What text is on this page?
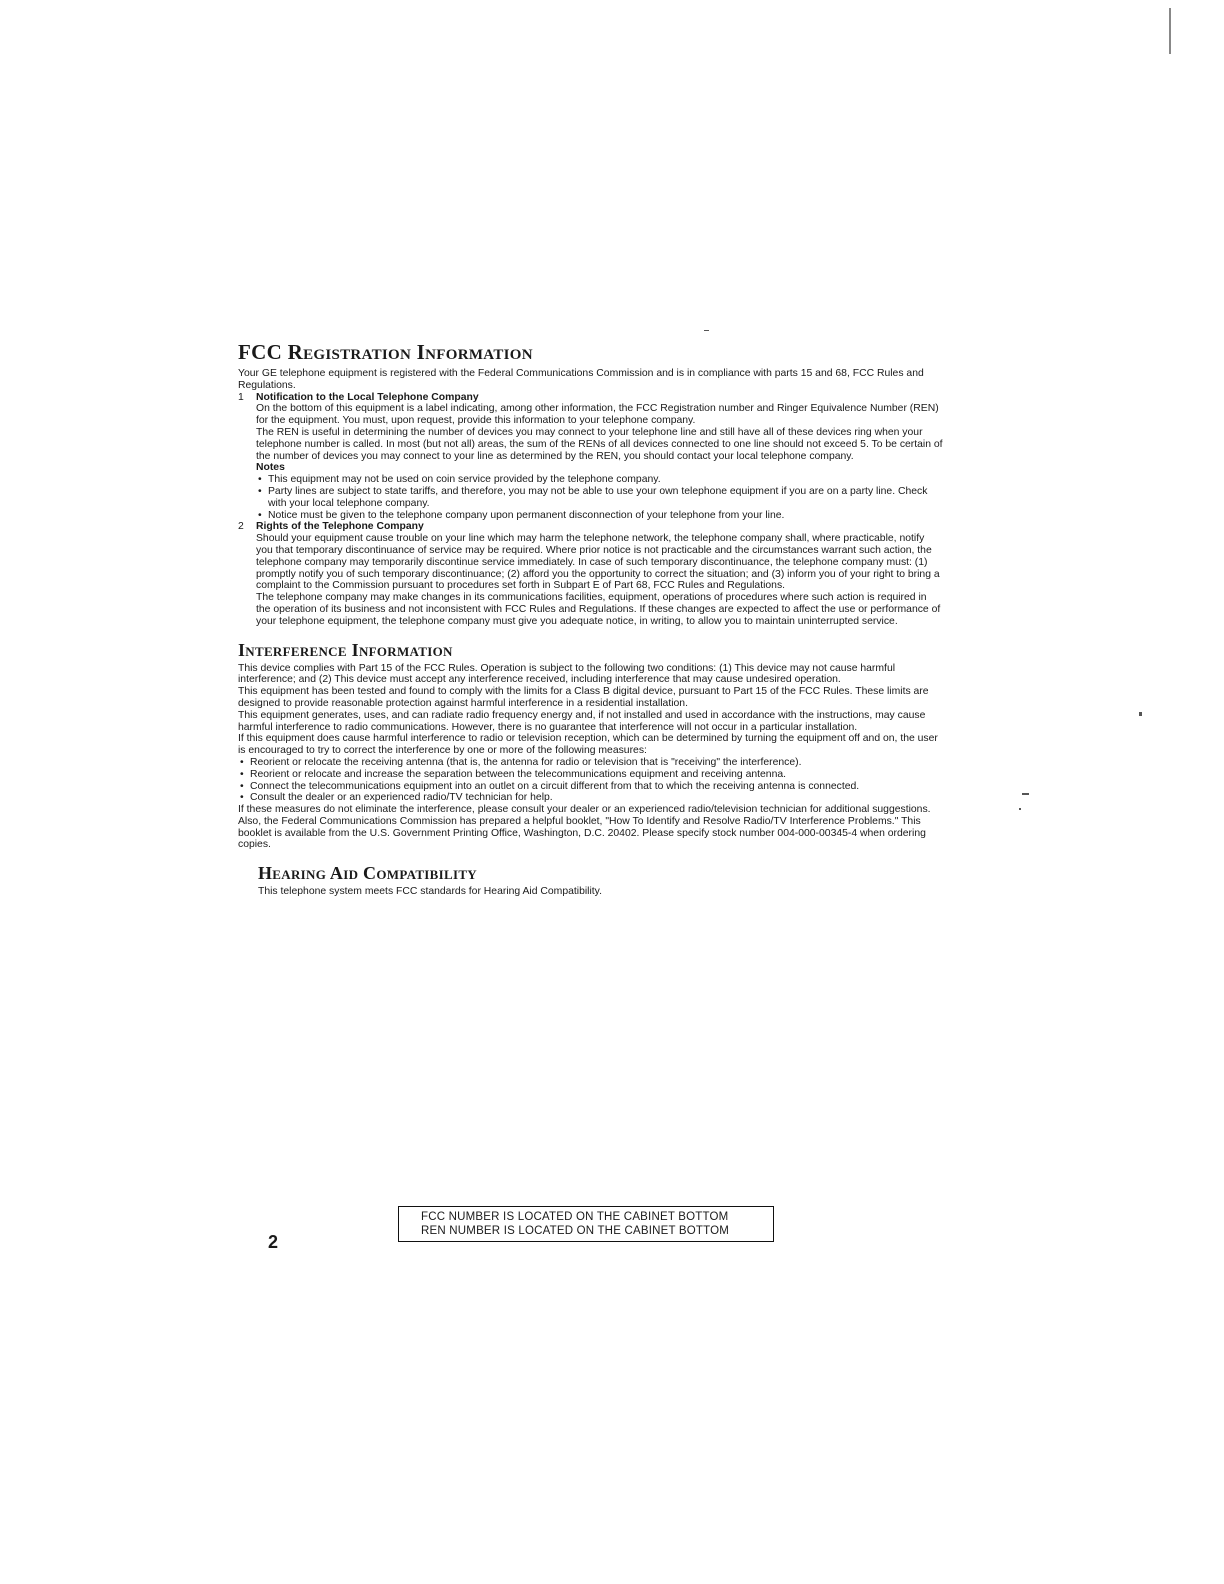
FCC Registration Information

Your GE telephone equipment is registered with the Federal Communications Commission and is in compliance with parts 15 and 68, FCC Rules and Regulations.

1	Notification to the Local Telephone Company

On the bottom of this equipment is a label indicating, among other information, the FCC Registration number and Ringer Equivalence Number (REN) for the equipment. You must, upon request, provide this information to your telephone company.

The REN is useful in determining the number of devices you may connect to your telephone line and still have all of these devices ring when your telephone number is called. In most (but not all) areas, the sum of the RENs of all devices connected to one line should not exceed 5. To be certain of the number of devices you may connect to your line as determined by the REN, you should contact your local telephone company.

Notes
• This equipment may not be used on coin service provided by the telephone company.
• Party lines are subject to state tariffs, and therefore, you may not be able to use your own telephone equipment if you are on a party line. Check with your local telephone company.
• Notice must be given to the telephone company upon permanent disconnection of your telephone from your line.
2	Rights of the Telephone Company

Should your equipment cause trouble on your line which may harm the telephone network, the telephone company shall, where practicable, notify you that temporary discontinuance of service may be required. Where prior notice is not practicable and the circumstances warrant such action, the telephone company may temporarily discontinue service immediately. In case of such temporary discontinuance, the telephone company must: (1) promptly notify you of such temporary discontinuance; (2) afford you the opportunity to correct the situation; and (3) inform you of your right to bring a complaint to the Commission pursuant to procedures set forth in Subpart E of Part 68, FCC Rules and Regulations.

The telephone company may make changes in its communications facilities, equipment, operations of procedures where such action is required in the operation of its business and not inconsistent with FCC Rules and Regulations. If these changes are expected to affect the use or performance of your telephone equipment, the telephone company must give you adequate notice, in writing, to allow you to maintain uninterrupted service.

Interference Information

This device complies with Part 15 of the FCC Rules. Operation is subject to the following two conditions: (1) This device may not cause harmful interference; and (2) This device must accept any interference received, including interference that may cause undesired operation.

This equipment has been tested and found to comply with the limits for a Class B digital device, pursuant to Part 15 of the FCC Rules. These limits are designed to provide reasonable protection against harmful interference in a residential installation.

This equipment generates, uses, and can radiate radio frequency energy and, if not installed and used in accordance with the instructions, may cause harmful interference to radio communications. However, there is no guarantee that interference will not occur in a particular installation.

If this equipment does cause harmful interference to radio or television reception, which can be determined by turning the equipment off and on, the user is encouraged to try to correct the interference by one or more of the following measures:

• Reorient or relocate the receiving antenna (that is, the antenna for radio or television that is "receiving" the interference).
• Reorient or relocate and increase the separation between the telecommunications equipment and receiving antenna.
• Connect the telecommunications equipment into an outlet on a circuit different from that to which the receiving antenna is connected.
• Consult the dealer or an experienced radio/TV technician for help.

If these measures do not eliminate the interference, please consult your dealer or an experienced radio/television technician for additional suggestions. Also, the Federal Communications Commission has prepared a helpful booklet, "How To Identify and Resolve Radio/TV Interference Problems." This booklet is available from the U.S. Government Printing Office, Washington, D.C. 20402. Please specify stock number 004-000-00345-4 when ordering copies.

Hearing Aid Compatibility

This telephone system meets FCC standards for Hearing Aid Compatibility.

FCC NUMBER IS LOCATED ON THE CABINET BOTTOM
REN NUMBER IS LOCATED ON THE CABINET BOTTOM
2
